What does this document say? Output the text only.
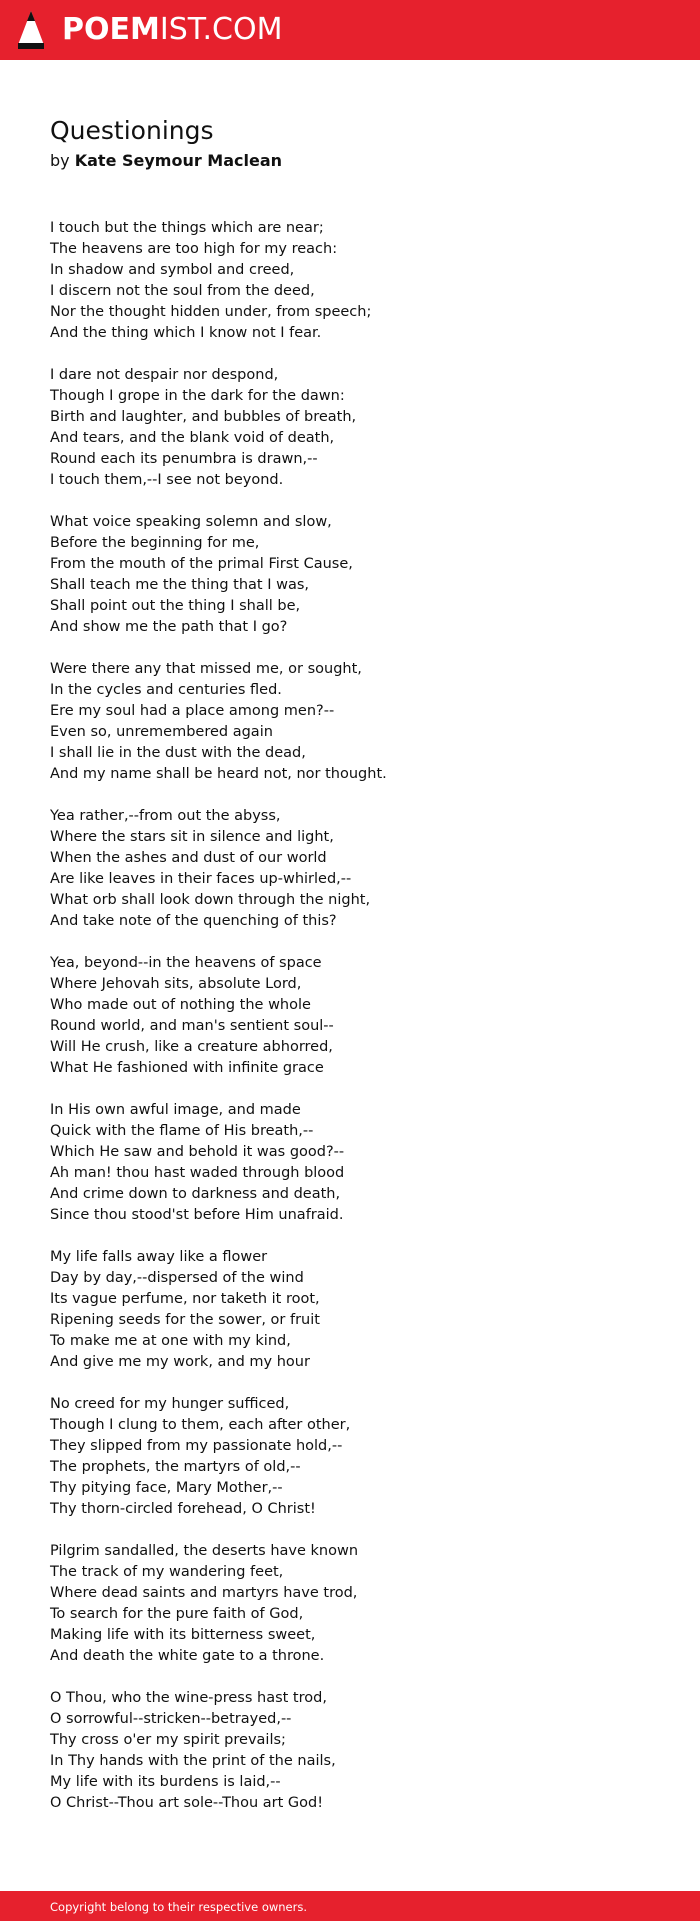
POEMIST.COM
Questionings
by Kate Seymour Maclean
I touch but the things which are near;
The heavens are too high for my reach:
In shadow and symbol and creed,
I discern not the soul from the deed,
Nor the thought hidden under, from speech;
And the thing which I know not I fear.
I dare not despair nor despond,
Though I grope in the dark for the dawn:
Birth and laughter, and bubbles of breath,
And tears, and the blank void of death,
Round each its penumbra is drawn,--
I touch them,--I see not beyond.
What voice speaking solemn and slow,
Before the beginning for me,
From the mouth of the primal First Cause,
Shall teach me the thing that I was,
Shall point out the thing I shall be,
And show me the path that I go?
Were there any that missed me, or sought,
In the cycles and centuries fled.
Ere my soul had a place among men?--
Even so, unremembered again
I shall lie in the dust with the dead,
And my name shall be heard not, nor thought.
Yea rather,--from out the abyss,
Where the stars sit in silence and light,
When the ashes and dust of our world
Are like leaves in their faces up-whirled,--
What orb shall look down through the night,
And take note of the quenching of this?
Yea, beyond--in the heavens of space
Where Jehovah sits, absolute Lord,
Who made out of nothing the whole
Round world, and man's sentient soul--
Will He crush, like a creature abhorred,
What He fashioned with infinite grace
In His own awful image, and made
Quick with the flame of His breath,--
Which He saw and behold it was good?--
Ah man! thou hast waded through blood
And crime down to darkness and death,
Since thou stood'st before Him unafraid.
My life falls away like a flower
Day by day,--dispersed of the wind
Its vague perfume, nor taketh it root,
Ripening seeds for the sower, or fruit
To make me at one with my kind,
And give me my work, and my hour
No creed for my hunger sufficed,
Though I clung to them, each after other,
They slipped from my passionate hold,--
The prophets, the martyrs of old,--
Thy pitying face, Mary Mother,--
Thy thorn-circled forehead, O Christ!
Pilgrim sandalled, the deserts have known
The track of my wandering feet,
Where dead saints and martyrs have trod,
To search for the pure faith of God,
Making life with its bitterness sweet,
And death the white gate to a throne.
O Thou, who the wine-press hast trod,
O sorrowful--stricken--betrayed,--
Thy cross o'er my spirit prevails;
In Thy hands with the print of the nails,
My life with its burdens is laid,--
O Christ--Thou art sole--Thou art God!
Copyright belong to their respective owners.
